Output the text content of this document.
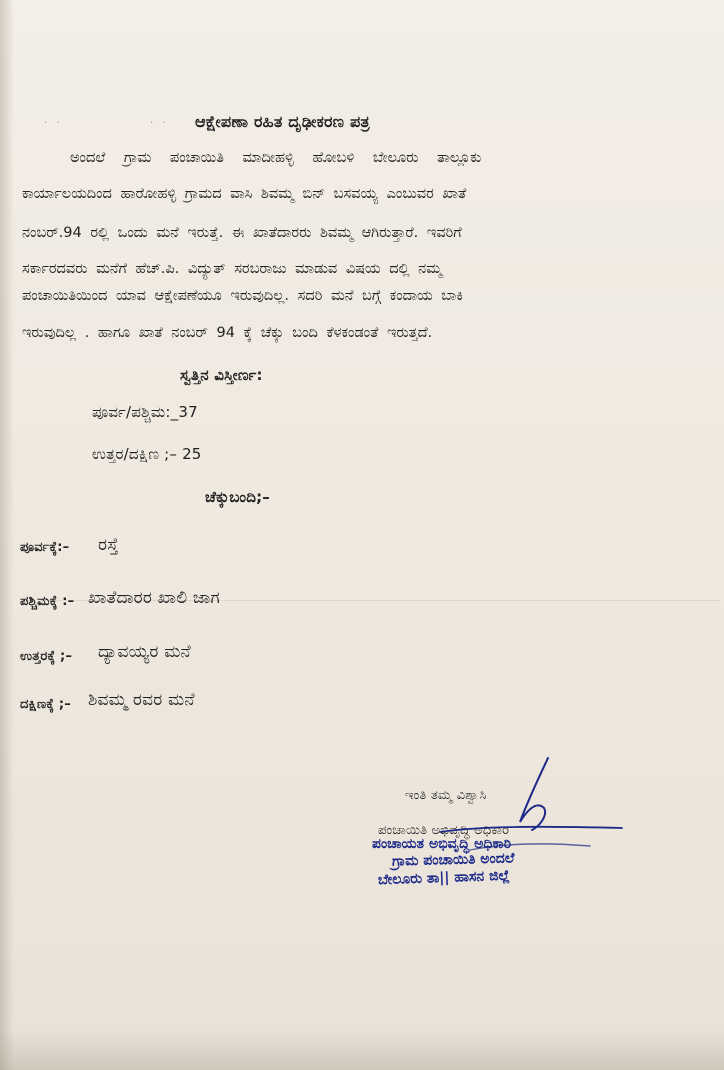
· ·	· · ಆಕ್ಷೇಪಣಾ ರಹಿತ ದೃಢೀಕರಣ ಪತ್ರ
ಅಂದಲೆ ಗ್ರಾಮ ಪಂಚಾಯಿತಿ ಮಾದೀಹಳ್ಳಿ ಹೋಬಳಿ ಬೇಲೂರು ತಾಲ್ಲೂಕು
ಕಾರ್ಯಾಲಯದಿಂದ ಹಾರೋಹಳ್ಳಿ ಗ್ರಾಮದ ವಾಸಿ ಶಿವಮ್ಮ ಬಿನ್ ಬಸವಯ್ಯ ಎಂಬುವರ ಖಾತೆ
ನಂಬರ್.94 ರಲ್ಲಿ ಒಂದು ಮನೆ ಇರುತ್ತೆ. ಈ ಖಾತೆದಾರರು ಶಿವಮ್ಮ ಆಗಿರುತ್ತಾರೆ. ಇವರಿಗೆ
ಸರ್ಕಾರದವರು ಮನೆಗೆ ಹೆಚ್.ಪಿ. ವಿದ್ಯುತ್ ಸರಬರಾಜು ಮಾಡುವ ವಿಷಯ ದಲ್ಲಿ ನಮ್ಮ
ಪಂಚಾಯಿತಿಯಿಂದ ಯಾವ ಆಕ್ಷೇಪಣೆಯೂ ಇರುವುದಿಲ್ಲ. ಸದರಿ ಮನೆ ಬಗ್ಗೆ ಕಂದಾಯ ಬಾಕಿ
ಇರುವುದಿಲ್ಲ . ಹಾಗೂ ಖಾತೆ ನಂಬರ್ 94 ಕ್ಕೆ ಚೆಕ್ಕು ಬಂದಿ ಕೆಳಕಂಡಂತೆ ಇರುತ್ತದೆ.
ಸ್ವತ್ತಿನ ವಿಸ್ತೀರ್ಣ:
ಪೂರ್ವ/ಪಶ್ಚಿಮ:_37
ಉತ್ತರ/ದಕ್ಷಿಣ ;– 25
ಚೆಕ್ಕುಬಂದಿ;–
ಪೂರ್ವಕ್ಕೆ:– ರಸ್ತೆ
ಪಶ್ಚಿಮಕ್ಕೆ :– ಖಾತೆದಾರರ ಖಾಲಿ ಜಾಗ
ಉತ್ತರಕ್ಕೆ ;– ದ್ಯಾವಯ್ಯರ ಮನೆ
ದಕ್ಷಿಣಕ್ಕೆ ;– ಶಿವಮ್ಮ ರವರ ಮನೆ
ಇಂತಿ ತಮ್ಮ ವಿಶ್ವಾಸಿ
ಪಂಚಾಯಿತಿ ಅಭಿವೃದ್ಧಿ ಅಧಿಕಾರಿ
ಪಂಚಾಯತ ಅಭಿವೃದ್ಧಿ ಅಧಿಕಾರಿ
ಗ್ರಾಮ ಪಂಚಾಯಿತಿ ಅಂದಲೆ
ಬೇಲೂರು ತಾ|| ಹಾಸನ ಜಿಲ್ಲೆ
